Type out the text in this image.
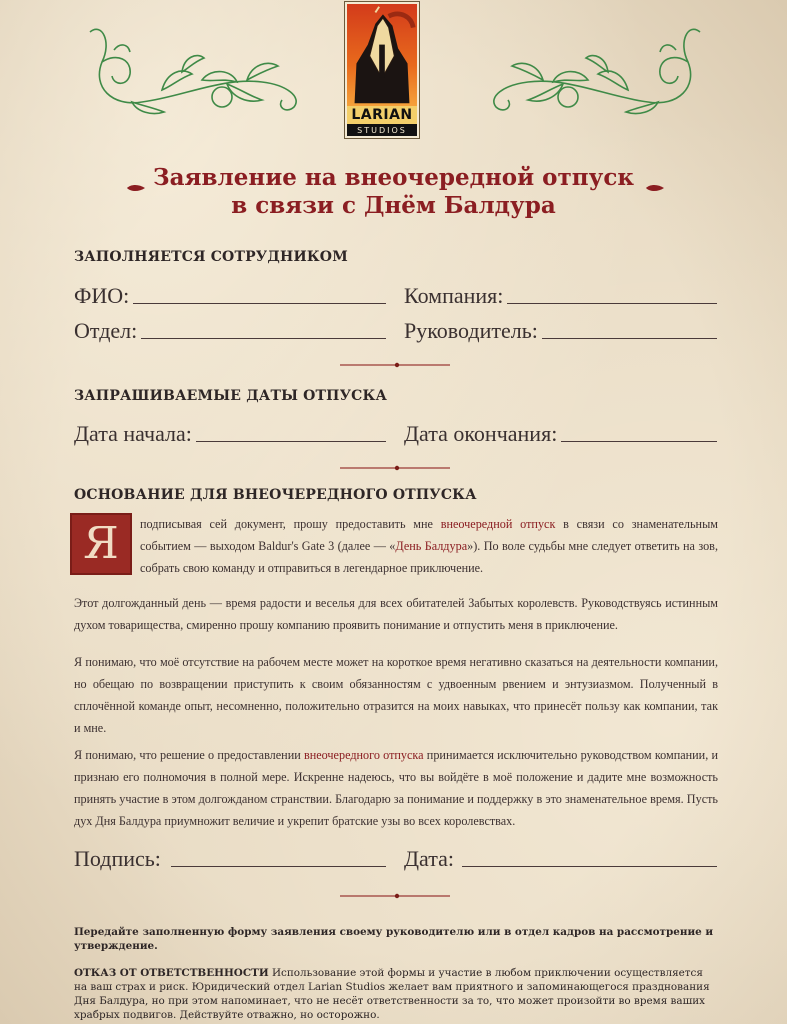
LARIAN
STUDIOS
Заявление на внеочередной отпуск
в связи с Днём Балдура
ЗАПОЛНЯЕТСЯ СОТРУДНИКОМ
ФИО:	Компания:
Отдел:	Руководитель:
ЗАПРАШИВАЕМЫЕ ДАТЫ ОТПУСКА
Дата начала:	Дата окончания:
ОСНОВАНИЕ ДЛЯ ВНЕОЧЕРЕДНОГО ОТПУСКА
Я	подписывая сей документ, прошу предоставить мне внеочередной отпуск в связи со знаменательным событием — выходом Baldur's Gate 3 (далее — «День Балдура»). По воле судьбы мне следует ответить на зов, собрать свою команду и отправиться в легендарное приключение.
Этот долгожданный день — время радости и веселья для всех обитателей Забытых королевств. Руководствуясь истинным духом товарищества, смиренно прошу компанию проявить понимание и отпустить меня в приключение.
Я понимаю, что моё отсутствие на рабочем месте может на короткое время негативно сказаться на деятельности компании, но обещаю по возвращении приступить к своим обязанностям с удвоенным рвением и энтузиазмом. Полученный в сплочённой команде опыт, несомненно, положительно отразится на моих навыках, что принесёт пользу как компании, так и мне.
Я понимаю, что решение о предоставлении внеочередного отпуска принимается исключительно руководством компании, и признаю его полномочия в полной мере. Искренне надеюсь, что вы войдёте в моё положение и дадите мне возможность принять участие в этом долгожданом странствии. Благодарю за понимание и поддержку в это знаменательное время. Пусть дух Дня Балдура приумножит величие и укрепит братские узы во всех королевствах.
Подпись:	Дата:
Передайте заполненную форму заявления своему руководителю или в отдел кадров на рассмотрение и утверждение.
ОТКАЗ ОТ ОТВЕТСТВЕННОСТИ Использование этой формы и участие в любом приключении осуществляется на ваш страх и риск. Юридический отдел Larian Studios желает вам приятного и запоминающегося празднования Дня Балдура, но при этом напоминает, что не несёт ответственности за то, что может произойти во время ваших храбрых подвигов. Действуйте отважно, но осторожно.
